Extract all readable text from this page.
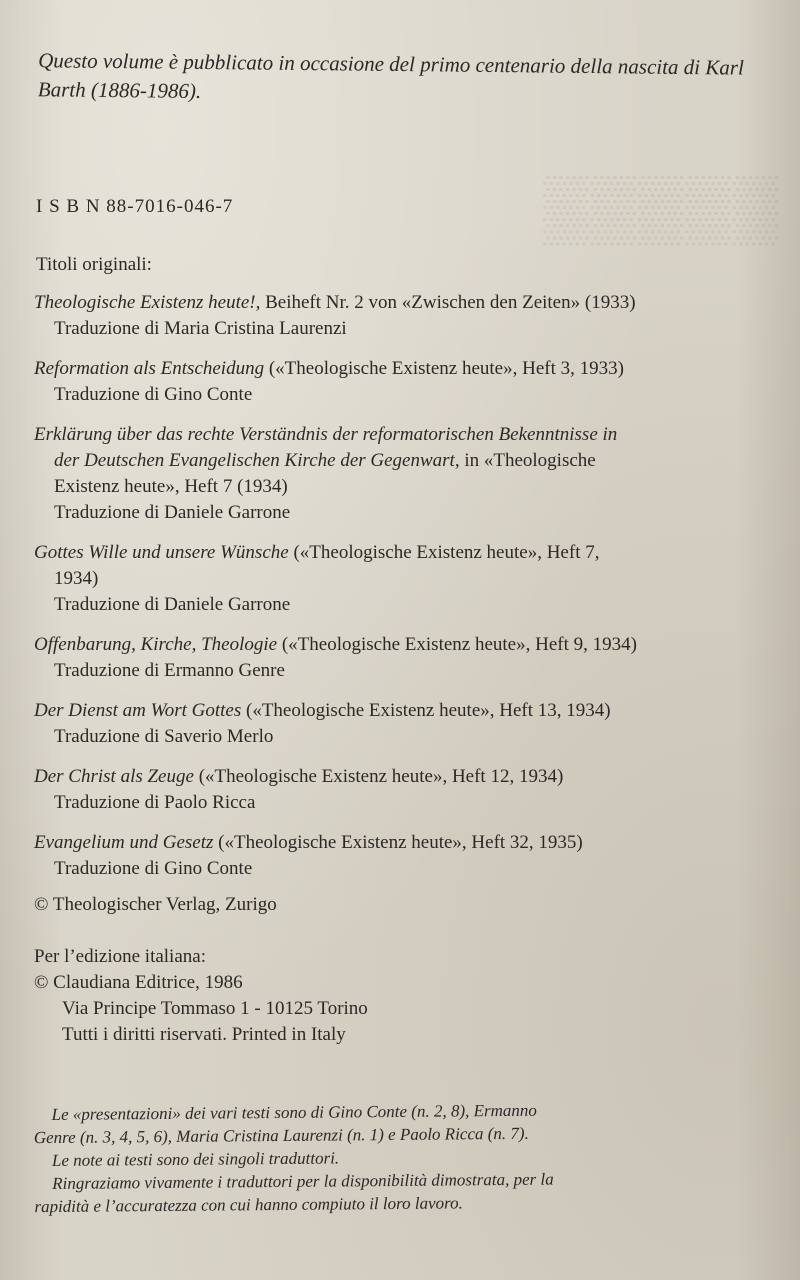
▒▒▒▒▒
Questo volume è pubblicato in occasione del primo centenario della nascita di Karl Barth (1886-1986).
I S B N 88-7016-046-7
Titoli originali:
Theologische Existenz heute!, Beiheft Nr. 2 von «Zwischen den Zeiten» (1933)
Traduzione di Maria Cristina Laurenzi
Reformation als Entscheidung («Theologische Existenz heute», Heft 3, 1933)
Traduzione di Gino Conte
Erklärung über das rechte Verständnis der reformatorischen Bekenntnisse in
der Deutschen Evangelischen Kirche der Gegenwart, in «Theologische
Existenz heute», Heft 7 (1934)
Traduzione di Daniele Garrone
Gottes Wille und unsere Wünsche («Theologische Existenz heute», Heft 7,
1934)
Traduzione di Daniele Garrone
Offenbarung, Kirche, Theologie («Theologische Existenz heute», Heft 9, 1934)
Traduzione di Ermanno Genre
Der Dienst am Wort Gottes («Theologische Existenz heute», Heft 13, 1934)
Traduzione di Saverio Merlo
Der Christ als Zeuge («Theologische Existenz heute», Heft 12, 1934)
Traduzione di Paolo Ricca
Evangelium und Gesetz («Theologische Existenz heute», Heft 32, 1935)
Traduzione di Gino Conte
© Theologischer Verlag, Zurigo
Per l’edizione italiana:
© Claudiana Editrice, 1986
Via Principe Tommaso 1 - 10125 Torino
Tutti i diritti riservati. Printed in Italy
Le «presentazioni» dei vari testi sono di Gino Conte (n. 2, 8), Ermanno
Genre (n. 3, 4, 5, 6), Maria Cristina Laurenzi (n. 1) e Paolo Ricca (n. 7).
Le note ai testi sono dei singoli traduttori.
Ringraziamo vivamente i traduttori per la disponibilità dimostrata, per la
rapidità e l’accuratezza con cui hanno compiuto il loro lavoro.
